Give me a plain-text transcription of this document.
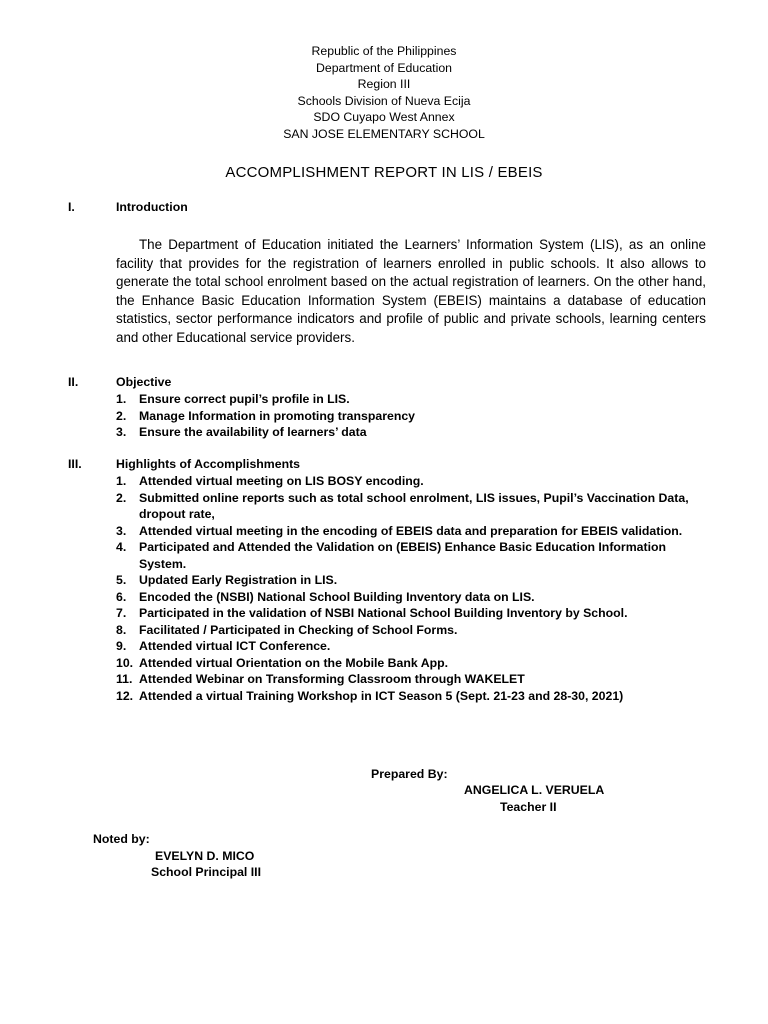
Republic of the Philippines
Department of Education
Region III
Schools Division of Nueva Ecija
SDO Cuyapo West Annex
SAN JOSE ELEMENTARY SCHOOL
ACCOMPLISHMENT REPORT IN LIS / EBEIS
I.	Introduction

The Department of Education initiated the Learners’ Information System (LIS), as an online facility that provides for the registration of learners enrolled in public schools. It also allows to generate the total school enrolment based on the actual registration of learners. On the other hand, the Enhance Basic Education Information System (EBEIS) maintains a database of education statistics, sector performance indicators and profile of public and private schools, learning centers and other Educational service providers.

II.	Objective
1.	Ensure correct pupil’s profile in LIS.
2.	Manage Information in promoting transparency
3.	Ensure the availability of learners’ data
III.	Highlights of Accomplishments
1.	Attended virtual meeting on LIS BOSY encoding.
2.	Submitted online reports such as total school enrolment, LIS issues, Pupil’s Vaccination Data, dropout rate,
3.	Attended virtual meeting in the encoding of EBEIS data and preparation for EBEIS validation.
4.	Participated and Attended the Validation on (EBEIS) Enhance Basic Education Information System.
5.	Updated Early Registration in LIS.
6.	Encoded the (NSBI) National School Building Inventory data on LIS.
7.	Participated in the validation of NSBI National School Building Inventory by School.
8.	Facilitated / Participated in Checking of School Forms.
9.	Attended virtual ICT Conference.
10. Attended virtual Orientation on the Mobile Bank App.
11. Attended Webinar on Transforming Classroom through WAKELET
12. Attended a virtual Training Workshop in ICT Season 5 (Sept. 21-23 and 28-30, 2021)
Prepared By:
ANGELICA L. VERUELA
Teacher II
Noted by:
EVELYN D. MICO
School Principal III
